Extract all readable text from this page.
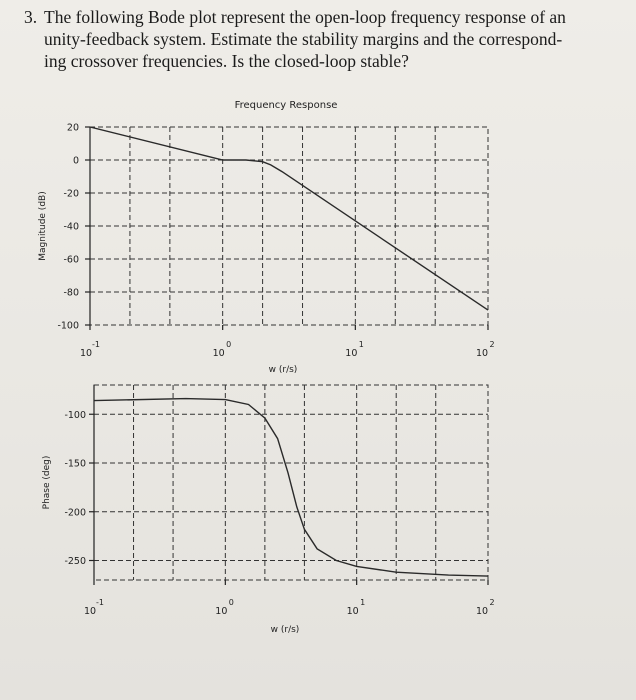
3. The following Bode plot represent the open-loop frequency response of an
unity-feedback system. Estimate the stability margins and the correspond-
ing crossover frequencies. Is the closed-loop stable?
20
0
-20
-40
-60
-80
-100
10
-1
10
0
10
1
10
2
w (r/s)
Magnitude (dB)
Frequency Response
-100
-150
-200
-250
10
-1
10
0
10
1
10
2
w (r/s)
Phase (deg)
